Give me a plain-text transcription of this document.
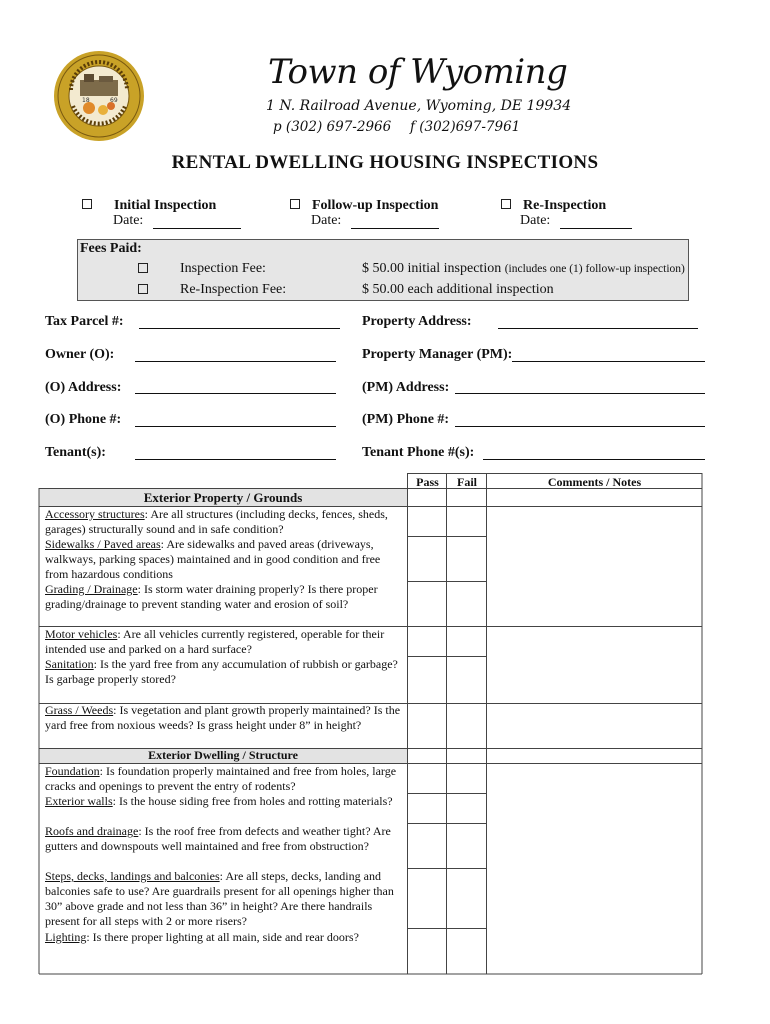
18	69
Town of Wyoming
1 N. Railroad Avenue, Wyoming, DE 19934
p (302) 697-2966 f (302)697-7961
RENTAL DWELLING HOUSING INSPECTIONS
Initial Inspection
Date:
Follow-up Inspection
Date:
Re-Inspection
Date:
Fees Paid:
Inspection Fee:	$ 50.00 initial inspection (includes one (1) follow-up inspection)
Re-Inspection Fee:	$ 50.00 each additional inspection
Tax Parcel #:	Property Address:
Owner (O):	Property Manager (PM):
(O) Address:	(PM) Address:
(O) Phone #:	(PM) Phone #:
Tenant(s):	Tenant Phone #(s):
Pass	Fail	Comments / Notes
Exterior Property / Grounds
Accessory structures: Are all structures (including decks, fences, sheds, garages) structurally sound and in safe condition?
Sidewalks / Paved areas: Are sidewalks and paved areas (driveways, walkways, parking spaces) maintained and in good condition and free from hazardous conditions
Grading / Drainage: Is storm water draining properly? Is there proper grading/drainage to prevent standing water and erosion of soil?
Motor vehicles: Are all vehicles currently registered, operable for their intended use and parked on a hard surface?
Sanitation: Is the yard free from any accumulation of rubbish or garbage? Is garbage properly stored?
Grass / Weeds: Is vegetation and plant growth properly maintained? Is the yard free from noxious weeds? Is grass height under 8” in height?
Exterior Dwelling / Structure
Foundation: Is foundation properly maintained and free from holes, large cracks and openings to prevent the entry of rodents?
Exterior walls: Is the house siding free from holes and rotting materials?
Roofs and drainage: Is the roof free from defects and weather tight? Are gutters and downspouts well maintained and free from obstruction?
Steps, decks, landings and balconies: Are all steps, decks, landing and balconies safe to use? Are guardrails present for all openings higher than 30” above grade and not less than 36” in height? Are there handrails present for all steps with 2 or more risers?
Lighting: Is there proper lighting at all main, side and rear doors?
